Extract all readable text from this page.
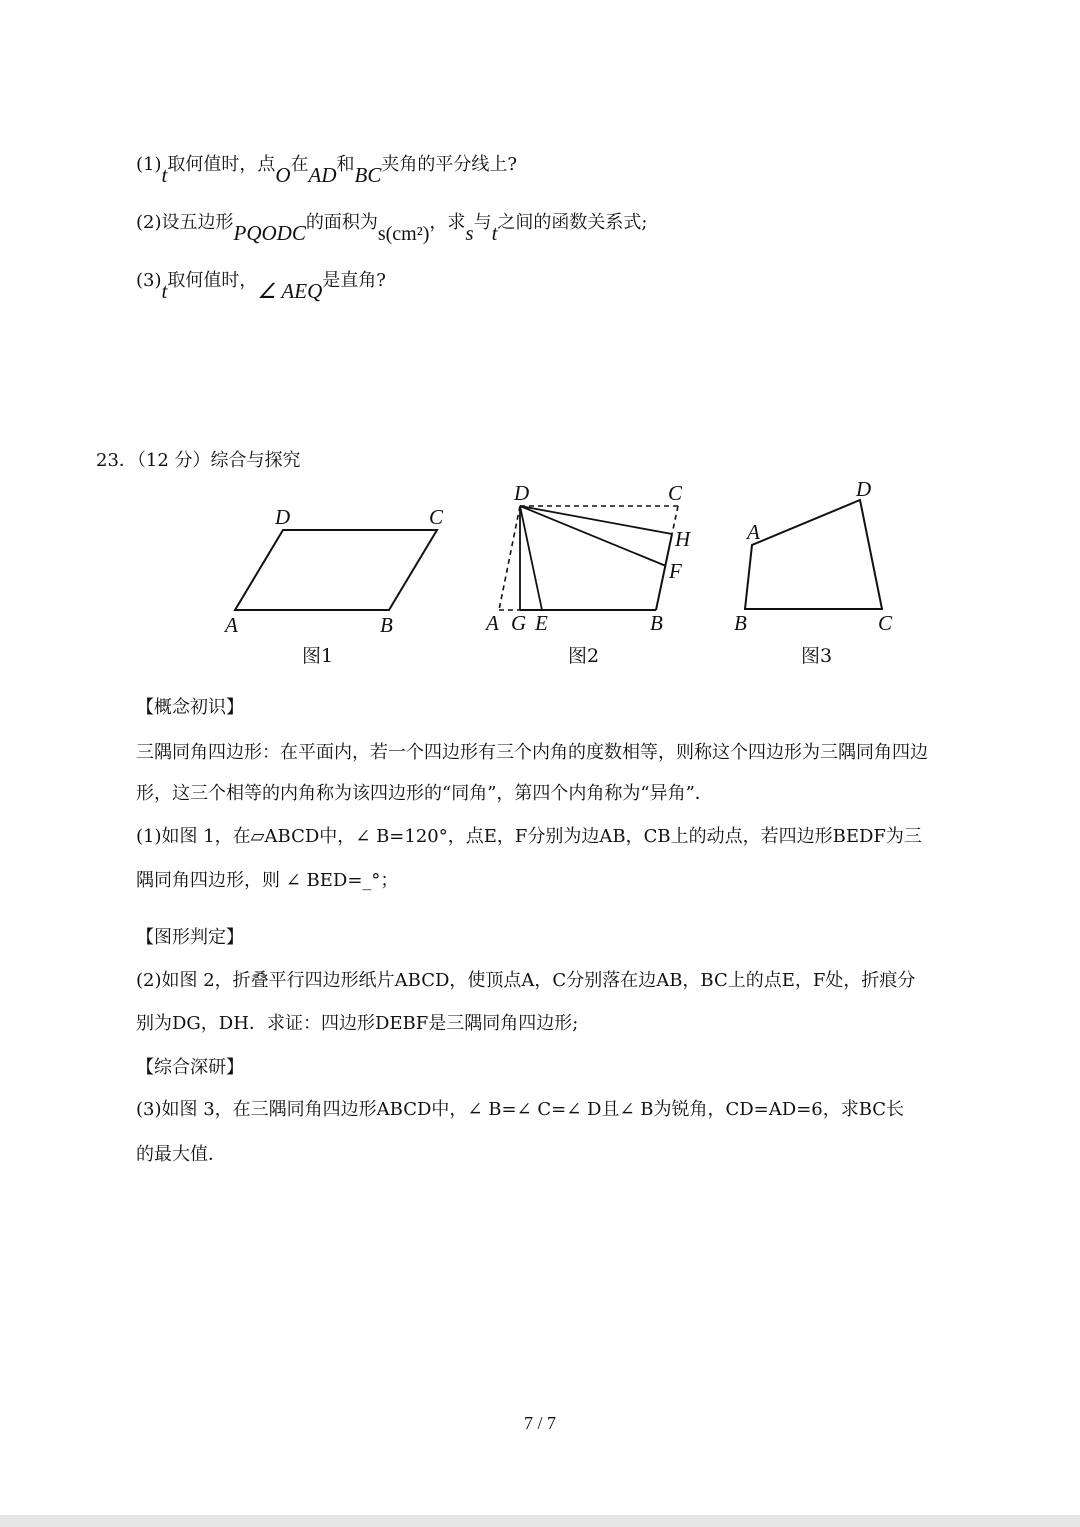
(1)t取何值时，点O在AD和BC夹角的平分线上?
(2)设五边形PQODC的面积为s(cm²)，求s与t之间的函数关系式;
(3)t取何值时，∠ AEQ是直角?
23．（12 分）综合与探究
D	C
A	B
图1
D	C
H
F
A G E	B
图2
D
A
B	C
图3
【概念初识】
三隅同角四边形：在平面内，若一个四边形有三个内角的度数相等，则称这个四边形为三隅同角四边
形，这三个相等的内角称为该四边形的“同角”，第四个内角称为“异角”．
(1)如图 1，在▱ABCD中，∠ B=120°，点E，F分别为边AB，CB上的动点，若四边形BEDF为三
隅同角四边形，则 ∠ BED=_°；
【图形判定】
(2)如图 2，折叠平行四边形纸片ABCD，使顶点A，C分别落在边AB，BC上的点E，F处，折痕分
别为DG，DH．求证：四边形DEBF是三隅同角四边形;
【综合深研】
(3)如图 3，在三隅同角四边形ABCD中，∠ B=∠ C=∠ D且∠ B为锐角，CD=AD=6，求BC长
的最大值．
7 / 7
